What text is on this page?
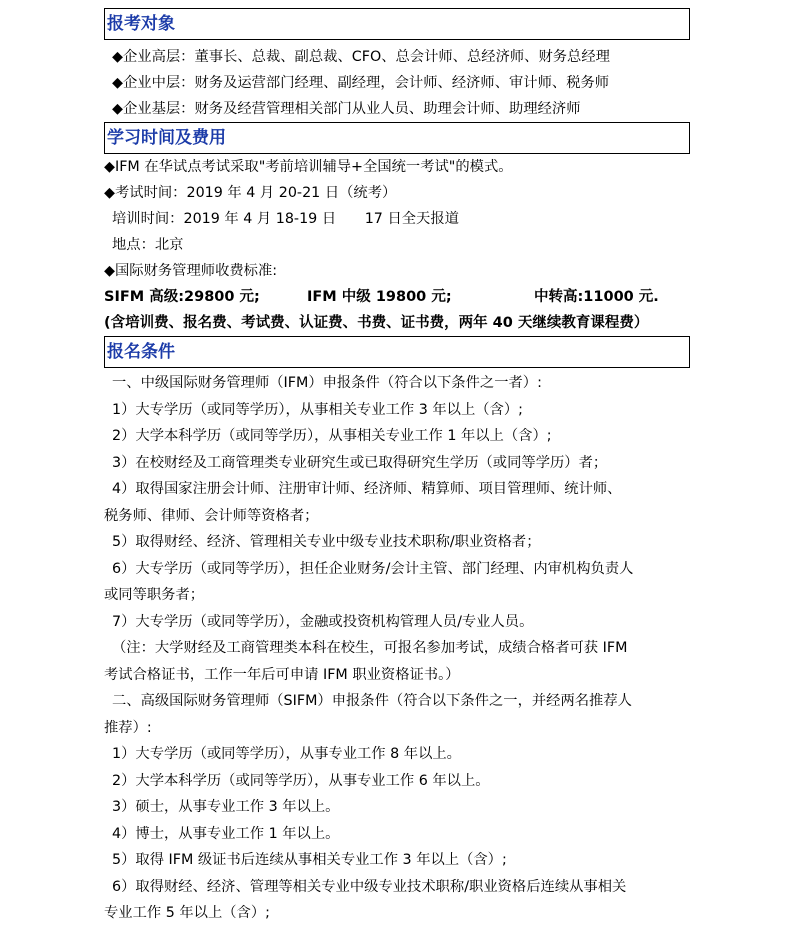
报考对象
◆企业高层：董事长、总裁、副总裁、CFO、总会计师、总经济师、财务总经理
◆企业中层：财务及运营部门经理、副经理，会计师、经济师、审计师、税务师
◆企业基层：财务及经营管理相关部门从业人员、助理会计师、助理经济师
学习时间及费用
◆IFM 在华试点考试采取"考前培训辅导+全国统一考试"的模式。
◆考试时间：2019 年 4 月 20-21 日（统考）
培训时间：2019 年 4 月 18-19 日　　17 日全天报道
地点：北京
◆国际财务管理师收费标准:
SIFM 高级:29800 元;	IFM 中级 19800 元;	中转高:11000 元.
(含培训费、报名费、考试费、认证费、书费、证书费，两年 40 天继续教育课程费）
报名条件
一、中级国际财务管理师（IFM）申报条件（符合以下条件之一者）:
1）大专学历（或同等学历），从事相关专业工作 3 年以上（含）;
2）大学本科学历（或同等学历），从事相关专业工作 1 年以上（含）;
3）在校财经及工商管理类专业研究生或已取得研究生学历（或同等学历）者；
4）取得国家注册会计师、注册审计师、经济师、精算师、项目管理师、统计师、
税务师、律师、会计师等资格者；
5）取得财经、经济、管理相关专业中级专业技术职称/职业资格者；
6）大专学历（或同等学历），担任企业财务/会计主管、部门经理、内审机构负责人
或同等职务者；
7）大专学历（或同等学历），金融或投资机构管理人员/专业人员。
（注：大学财经及工商管理类本科在校生，可报名参加考试，成绩合格者可获 IFM
考试合格证书，工作一年后可申请 IFM 职业资格证书。）
二、高级国际财务管理师（SIFM）申报条件（符合以下条件之一，并经两名推荐人
推荐）:
1）大专学历（或同等学历），从事专业工作 8 年以上。
2）大学本科学历（或同等学历），从事专业工作 6 年以上。
3）硕士，从事专业工作 3 年以上。
4）博士，从事专业工作 1 年以上。
5）取得 IFM 级证书后连续从事相关专业工作 3 年以上（含）;
6）取得财经、经济、管理等相关专业中级专业技术职称/职业资格后连续从事相关
专业工作 5 年以上（含）;
